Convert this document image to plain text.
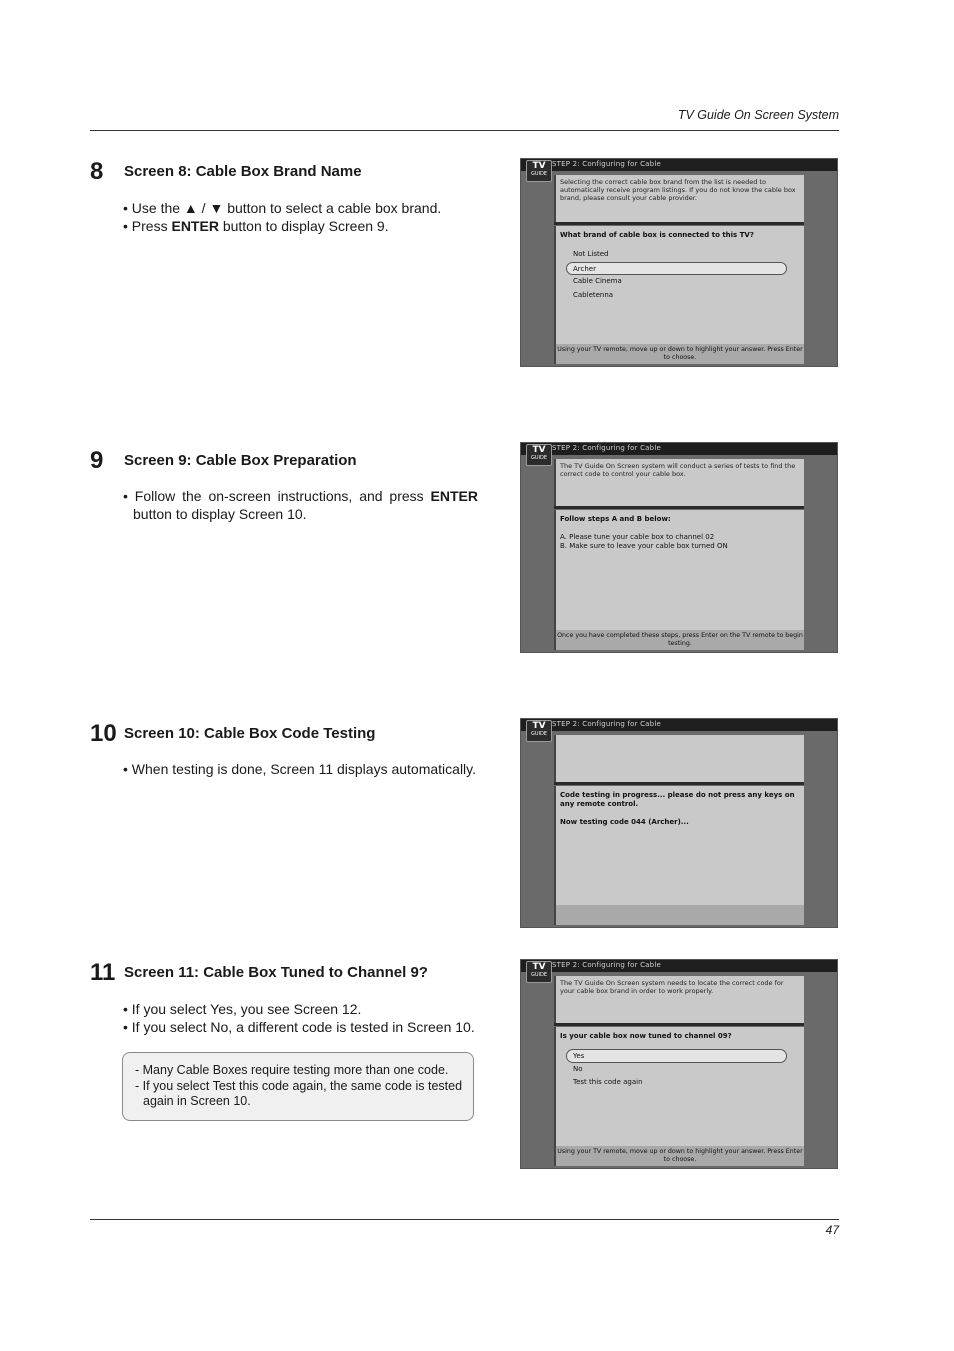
TV Guide On Screen System
8 Screen 8: Cable Box Brand Name
• Use the ▲ / ▼ button to select a cable box brand.
• Press ENTER button to display Screen 9.
STEP 2: Configuring for Cable
TV
GUIDE
Selecting the correct cable box brand from the list is needed to automatically receive program listings. If you do not know the cable box brand, please consult your cable provider.
What brand of cable box is connected to this TV?
Not Listed
Archer
Cable Cinema
Cabletenna
Using your TV remote, move up or down to highlight your answer. Press Enter to choose.
9 Screen 9: Cable Box Preparation
• Follow the on-screen instructions, and press ENTER button to display Screen 10.
STEP 2: Configuring for Cable
TV
GUIDE
The TV Guide On Screen system will conduct a series of tests to find the correct code to control your cable box.
Follow steps A and B below:
A. Please tune your cable box to channel 02
B. Make sure to leave your cable box turned ON
Once you have completed these steps, press Enter on the TV remote to begin testing.
10 Screen 10: Cable Box Code Testing
• When testing is done, Screen 11 displays automatically.
STEP 2: Configuring for Cable
TV
GUIDE
Code testing in progress... please do not press any keys on any remote control.
Now testing code 044 (Archer)...
11 Screen 11: Cable Box Tuned to Channel 9?
• If you select Yes, you see Screen 12.
• If you select No, a different code is tested in Screen 10.
- Many Cable Boxes require testing more than one code.
- If you select Test this code again, the same code is tested again in Screen 10.
STEP 2: Configuring for Cable
TV
GUIDE
The TV Guide On Screen system needs to locate the correct code for your cable box brand in order to work properly.
Is your cable box now tuned to channel 09?
Yes
No
Test this code again
Using your TV remote, move up or down to highlight your answer. Press Enter to choose.
47
